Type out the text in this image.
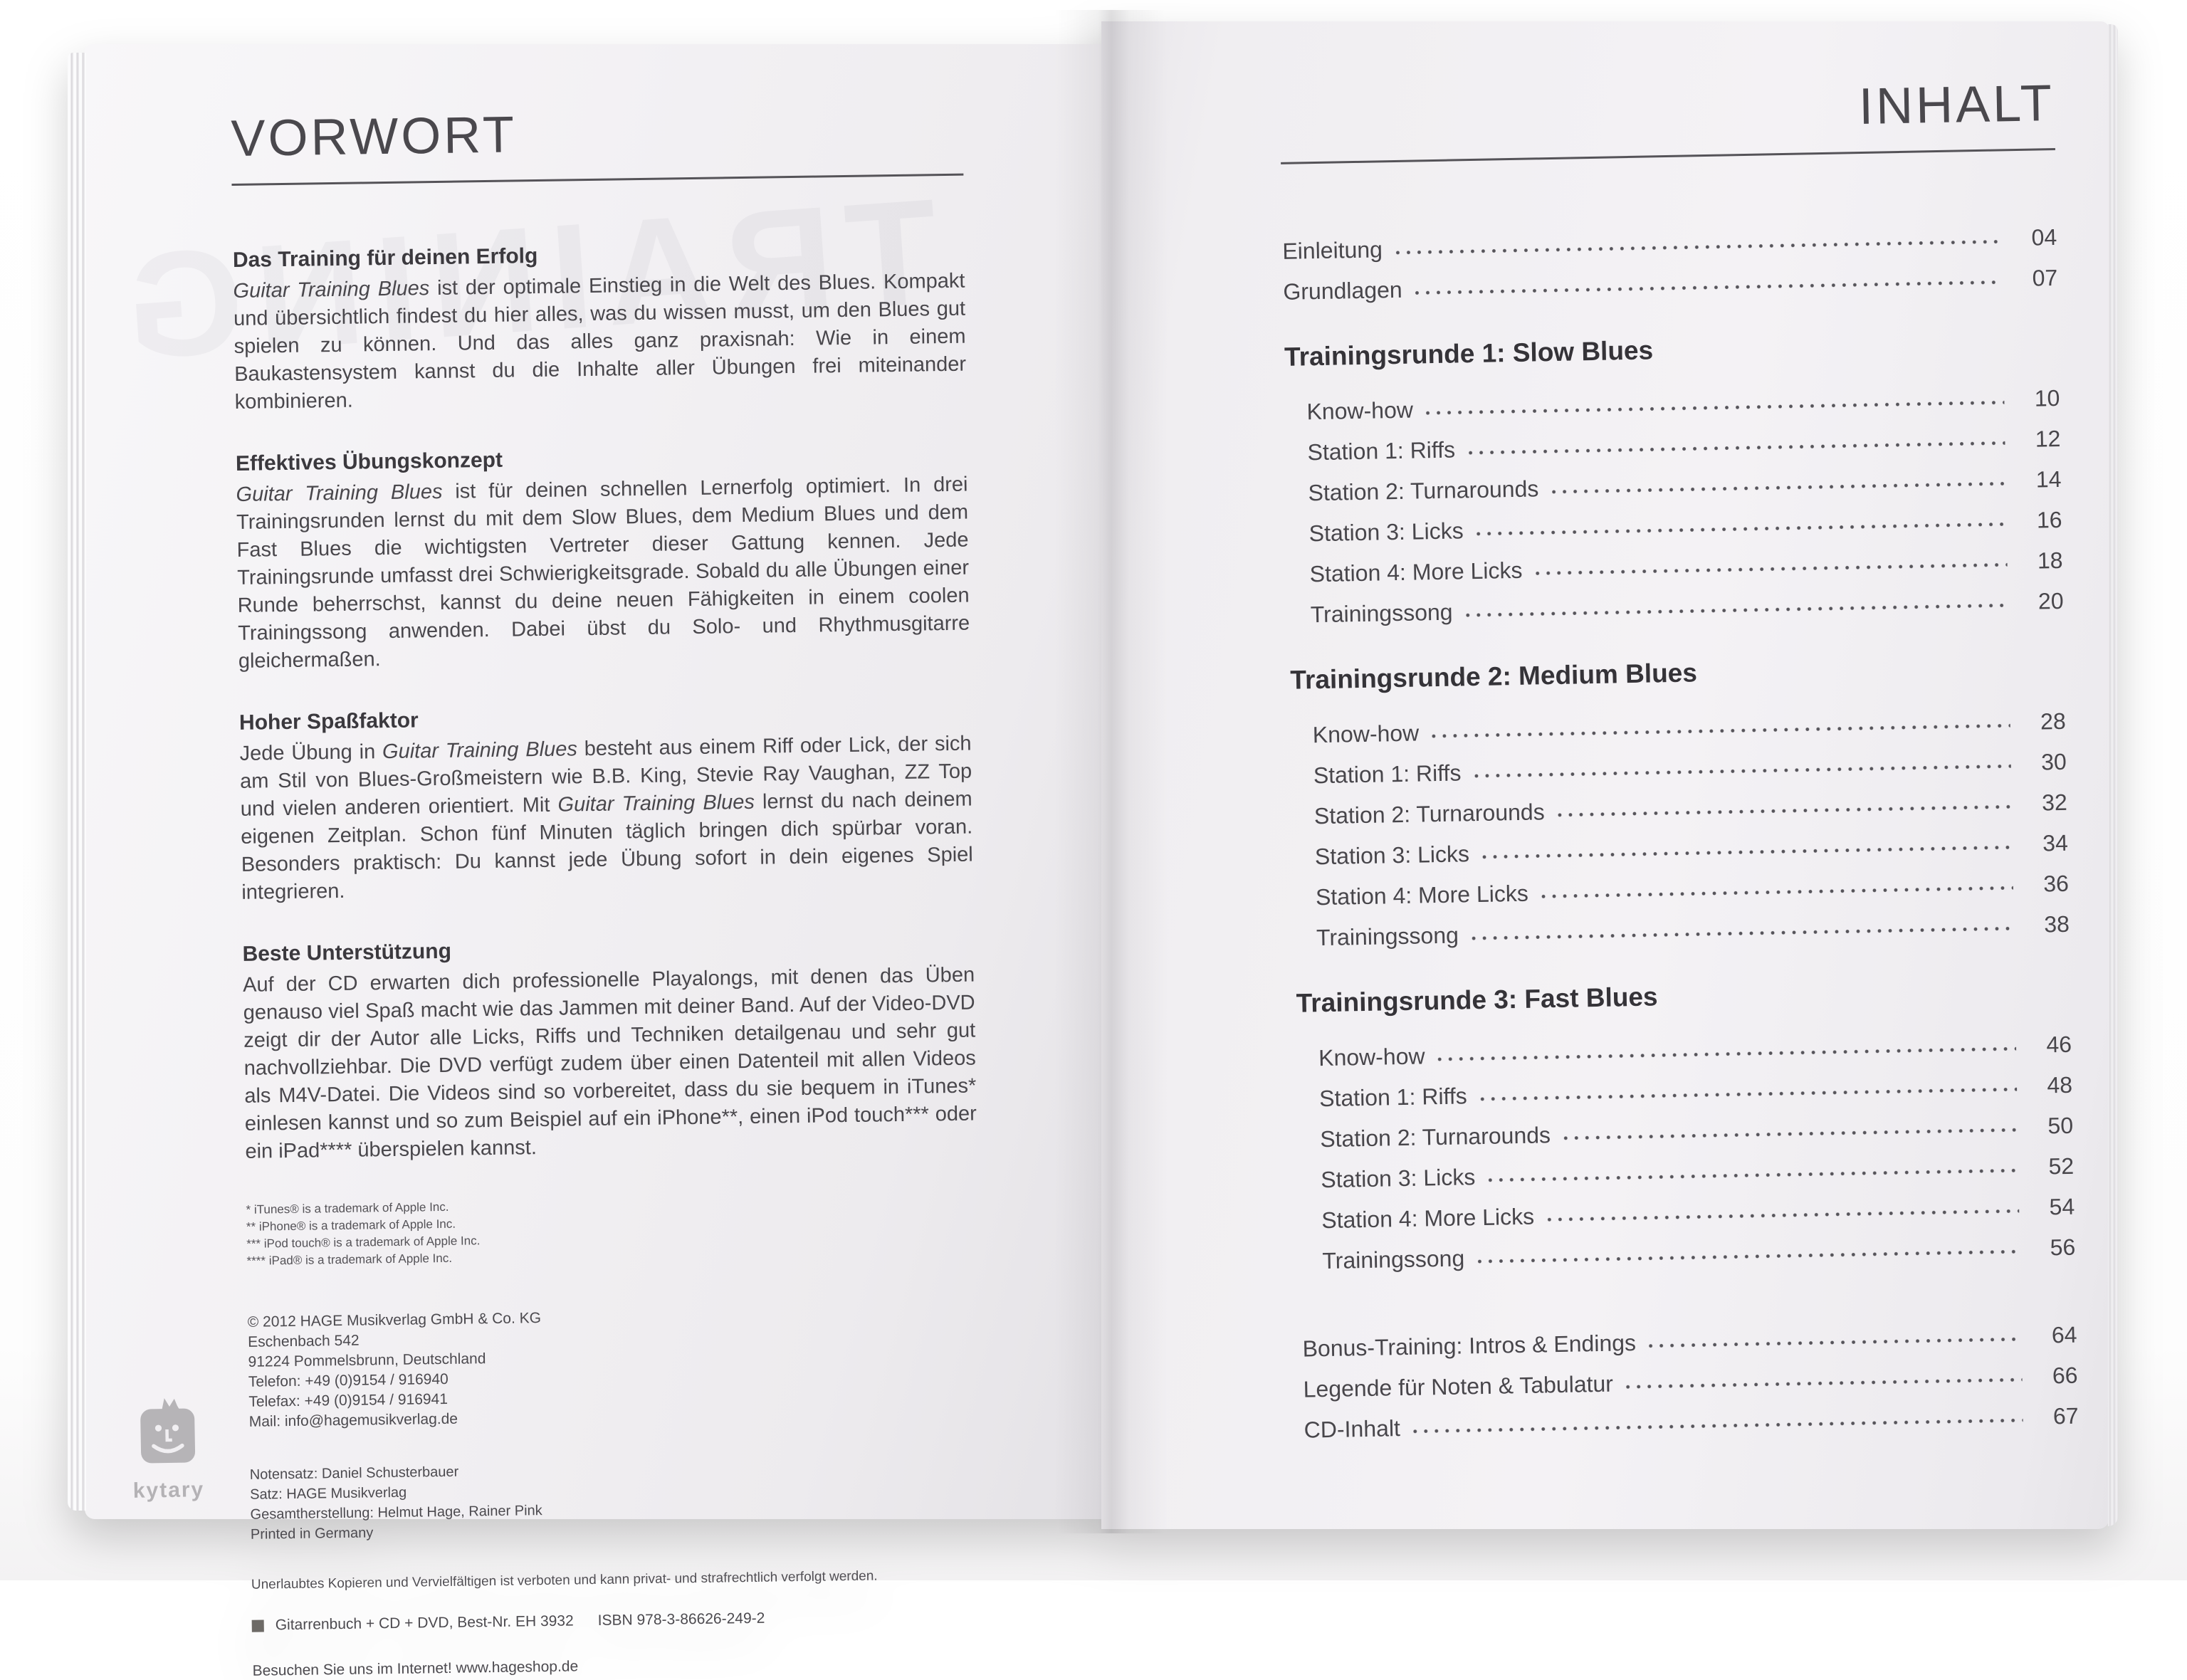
VORWORT
Das Training für deinen Erfolg

Guitar Training Blues ist der optimale Einstieg in die Welt des Blues. Kompakt und übersichtlich findest du hier alles, was du wissen musst, um den Blues gut spielen zu können. Und das alles ganz praxisnah: Wie in einem Baukastensystem kannst du die Inhalte aller Übungen frei miteinander kombinieren.

Effektives Übungskonzept

Guitar Training Blues ist für deinen schnellen Lernerfolg optimiert. In drei Trainingsrunden lernst du mit dem Slow Blues, dem Medium Blues und dem Fast Blues die wichtigsten Vertreter dieser Gattung kennen. Jede Trainingsrunde umfasst drei Schwierigkeitsgrade. Sobald du alle Übungen einer Runde beherrschst, kannst du deine neuen Fähigkeiten in einem coolen Trainingssong anwenden. Dabei übst du Solo- und Rhythmusgitarre gleichermaßen.

Hoher Spaßfaktor

Jede Übung in Guitar Training Blues besteht aus einem Riff oder Lick, der sich am Stil von Blues-Großmeistern wie B.B. King, Stevie Ray Vaughan, ZZ Top und vielen anderen orientiert. Mit Guitar Training Blues lernst du nach deinem eigenen Zeitplan. Schon fünf Minuten täglich bringen dich spürbar voran. Besonders praktisch: Du kannst jede Übung sofort in dein eigenes Spiel integrieren.

Beste Unterstützung

Auf der CD erwarten dich professionelle Playalongs, mit denen das Üben genauso viel Spaß macht wie das Jammen mit deiner Band. Auf der Video-DVD zeigt dir der Autor alle Licks, Riffs und Techniken detailgenau und sehr gut nachvollziehbar. Die DVD verfügt zudem über einen Datenteil mit allen Videos als M4V-Datei. Die Videos sind so vorbereitet, dass du sie bequem in iTunes* einlesen kannst und so zum Beispiel auf ein iPhone**, einen iPod touch*** oder ein iPad**** überspielen kannst.

* iTunes® is a trademark of Apple Inc.
** iPhone® is a trademark of Apple Inc.
*** iPod touch® is a trademark of Apple Inc.
**** iPad® is a trademark of Apple Inc.
© 2012 HAGE Musikverlag GmbH & Co. KG
Eschenbach 542
91224 Pommelsbrunn, Deutschland
Telefon: +49 (0)9154 / 916940
Telefax: +49 (0)9154 / 916941
Mail: info@hagemusikverlag.de
Notensatz: Daniel Schusterbauer
Satz: HAGE Musikverlag
Gesamtherstellung: Helmut Hage, Rainer Pink
Printed in Germany
Unerlaubtes Kopieren und Vervielfältigen ist verboten und kann privat- und strafrechtlich verfolgt werden.
Gitarrenbuch + CD + DVD, Best-Nr. EH 3932 ISBN 978-3-86626-249-2
Besuchen Sie uns im Internet! www.hageshop.de
kytary
INHALT
Einleitung	04
Grundlagen	07
Trainingsrunde 1: Slow Blues
Know-how	10
Station 1: Riffs	12
Station 2: Turnarounds	14
Station 3: Licks	16
Station 4: More Licks	18
Trainingssong	20
Trainingsrunde 2: Medium Blues
Know-how	28
Station 1: Riffs	30
Station 2: Turnarounds	32
Station 3: Licks	34
Station 4: More Licks	36
Trainingssong	38
Trainingsrunde 3: Fast Blues
Know-how	46
Station 1: Riffs	48
Station 2: Turnarounds	50
Station 3: Licks	52
Station 4: More Licks	54
Trainingssong	56
Bonus-Training: Intros & Endings	64
Legende für Noten & Tabulatur	66
CD-Inhalt	67
